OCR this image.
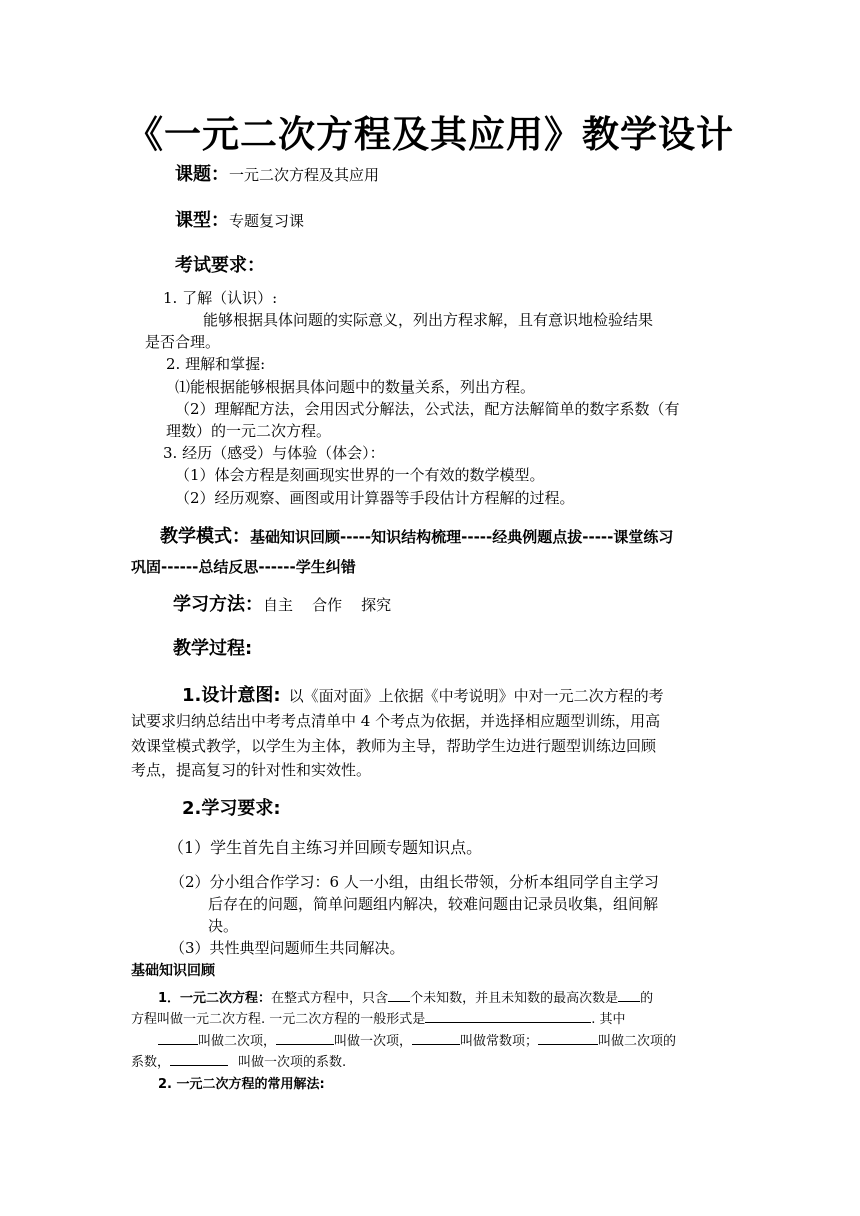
《一元二次方程及其应用》教学设计
课题：一元二次方程及其应用
课型：专题复习课
考试要求：
1. 了解（认识）:
能够根据具体问题的实际意义，列出方程求解，且有意识地检验结果
是否合理。
2. 理解和掌握:
⑴能根据能够根据具体问题中的数量关系，列出方程。
（2）理解配方法，会用因式分解法，公式法，配方法解简单的数字系数（有
理数）的一元二次方程。
3. 经历（感受）与体验（体会）：
（1）体会方程是刻画现实世界的一个有效的数学模型。
（2）经历观察、画图或用计算器等手段估计方程解的过程。
教学模式：基础知识回顾-----知识结构梳理-----经典例题点拔-----课堂练习
巩固------总结反思------学生纠错
学习方法：自主    合作    探究
教学过程:
1.设计意图: 以《面对面》上依据《中考说明》中对一元二次方程的考
试要求归纳总结出中考考点清单中 4 个考点为依据，并选择相应题型训练，用高
效课堂模式教学，以学生为主体，教师为主导，帮助学生边进行题型训练边回顾
考点，提高复习的针对性和实效性。
2.学习要求:
（1）学生首先自主练习并回顾专题知识点。
（2）分小组合作学习：6 人一小组，由组长带领，分析本组同学自主学习
后存在的问题，简单问题组内解决，较难问题由记录员收集，组间解
决。
（3）共性典型问题师生共同解决。
基础知识回顾
1．一元二次方程：在整式方程中，只含 个未知数，并且未知数的最高次数是 的
方程叫做一元二次方程. 一元二次方程的一般形式是	. 其中
叫做二次项，	叫做一次项，	叫做常数项；	叫做二次项的
系数，	叫做一次项的系数.
2. 一元二次方程的常用解法:
